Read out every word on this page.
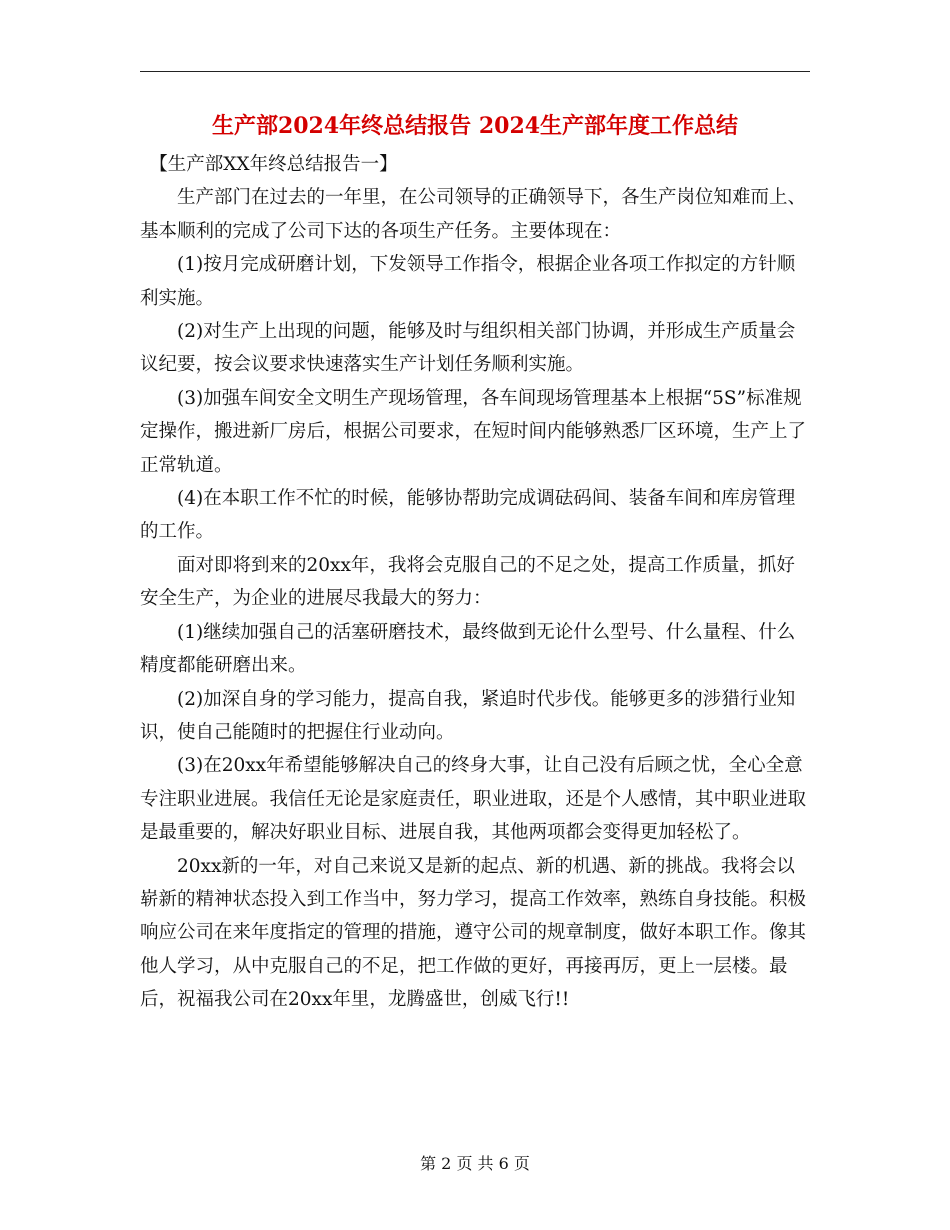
生产部2024年终总结报告 2024生产部年度工作总结

【生产部XX年终总结报告一】

生产部门在过去的一年里，在公司领导的正确领导下，各生产岗位知难而上、基本顺利的完成了公司下达的各项生产任务。主要体现在：

(1)按月完成研磨计划，下发领导工作指令，根据企业各项工作拟定的方针顺利实施。

(2)对生产上出现的问题，能够及时与组织相关部门协调，并形成生产质量会议纪要，按会议要求快速落实生产计划任务顺利实施。

(3)加强车间安全文明生产现场管理，各车间现场管理基本上根据“5S”标准规定操作，搬进新厂房后，根据公司要求，在短时间内能够熟悉厂区环境，生产上了正常轨道。

(4)在本职工作不忙的时候，能够协帮助完成调砝码间、装备车间和库房管理的工作。

面对即将到来的20xx年，我将会克服自己的不足之处，提高工作质量，抓好安全生产，为企业的进展尽我最大的努力：

(1)继续加强自己的活塞研磨技术，最终做到无论什么型号、什么量程、什么精度都能研磨出来。

(2)加深自身的学习能力，提高自我，紧追时代步伐。能够更多的涉猎行业知识，使自己能随时的把握住行业动向。

(3)在20xx年希望能够解决自己的终身大事，让自己没有后顾之忧，全心全意专注职业进展。我信任无论是家庭责任，职业进取，还是个人感情，其中职业进取是最重要的，解决好职业目标、进展自我，其他两项都会变得更加轻松了。

20xx新的一年，对自己来说又是新的起点、新的机遇、新的挑战。我将会以崭新的精神状态投入到工作当中，努力学习，提高工作效率，熟练自身技能。积极响应公司在来年度指定的管理的措施，遵守公司的规章制度，做好本职工作。像其他人学习，从中克服自己的不足，把工作做的更好，再接再厉，更上一层楼。最后，祝福我公司在20xx年里，龙腾盛世，创威飞行!!

第 2 页 共 6 页
